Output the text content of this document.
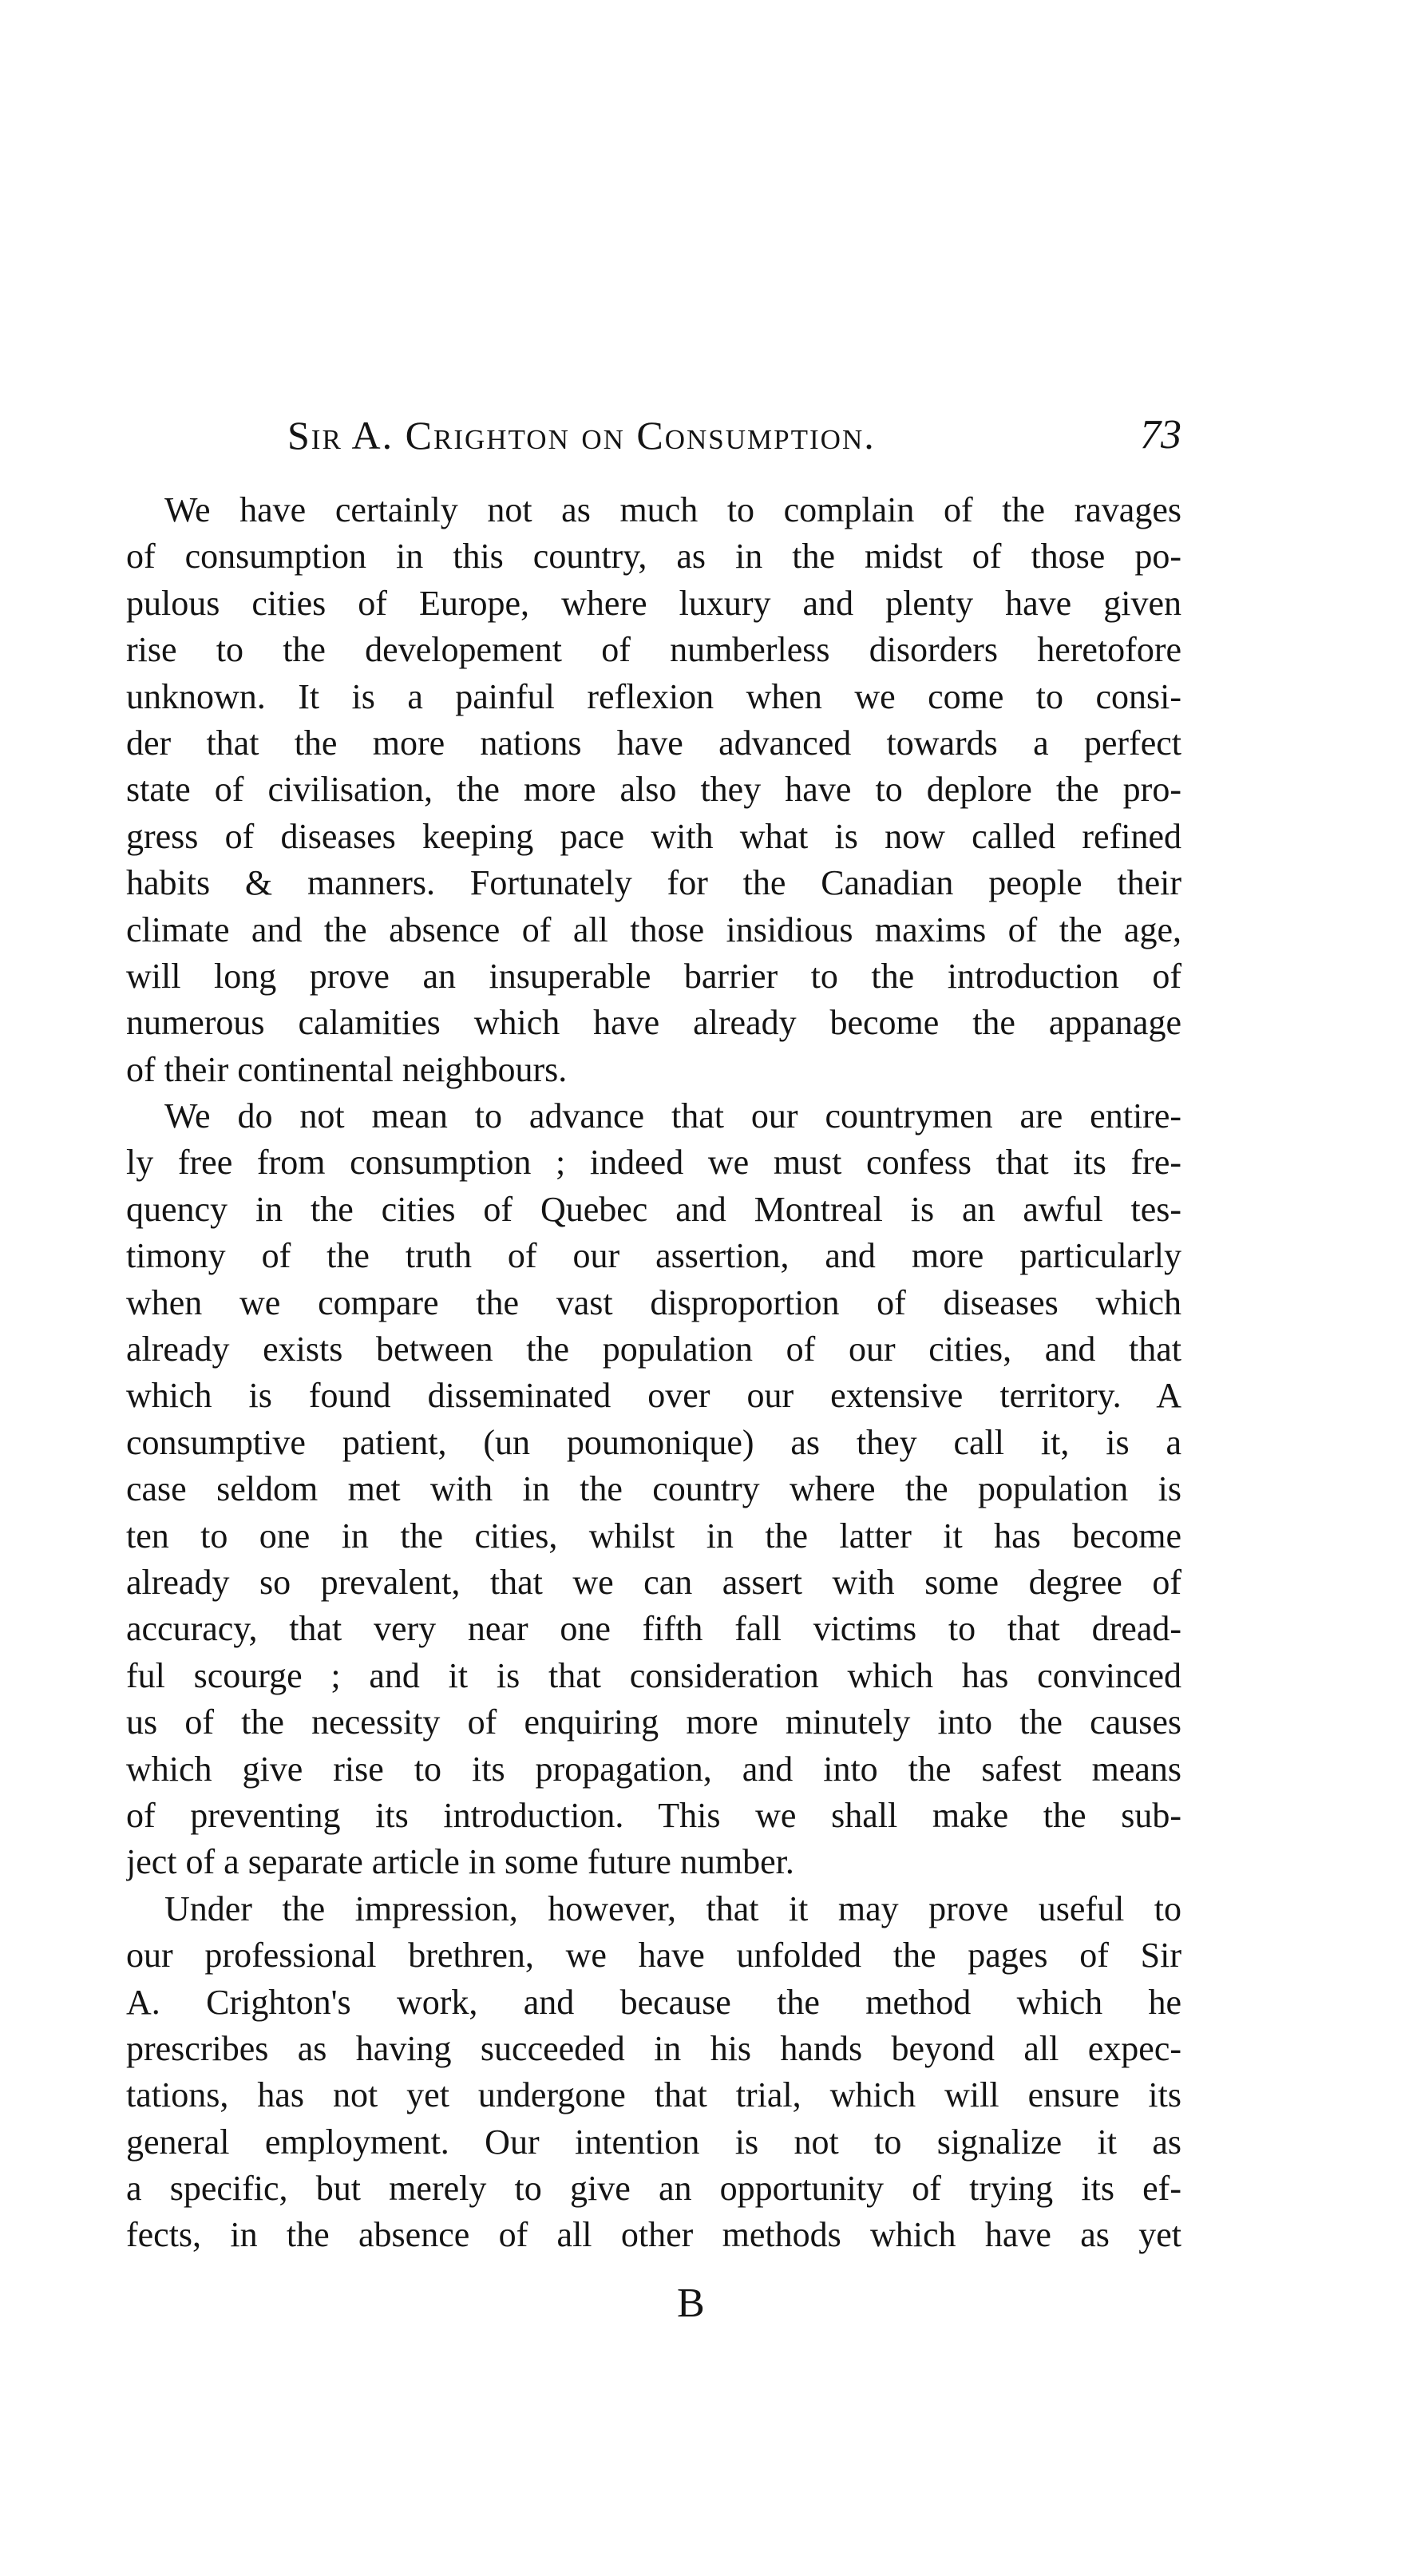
Sir A. Crighton on Consumption.	73

We have certainly not as much to complain of the ravages
of consumption in this country, as in the midst of those po-
pulous cities of Europe, where luxury and plenty have given
rise to the developement of numberless disorders heretofore
unknown. It is a painful reflexion when we come to consi-
der that the more nations have advanced towards a perfect
state of civilisation, the more also they have to deplore the pro-
gress of diseases keeping pace with what is now called refined
habits & manners. Fortunately for the Canadian people their
climate and the absence of all those insidious maxims of the age,
will long prove an insuperable barrier to the introduction of
numerous calamities which have already become the appanage
of their continental neighbours.

We do not mean to advance that our countrymen are entire-
ly free from consumption ; indeed we must confess that its fre-
quency in the cities of Quebec and Montreal is an awful tes-
timony of the truth of our assertion, and more particularly
when we compare the vast disproportion of diseases which
already exists between the population of our cities, and that
which is found disseminated over our extensive territory. A
consumptive patient, (un poumonique) as they call it, is a
case seldom met with in the country where the population is
ten to one in the cities, whilst in the latter it has become
already so prevalent, that we can assert with some degree of
accuracy, that very near one fifth fall victims to that dread-
ful scourge ; and it is that consideration which has convinced
us of the necessity of enquiring more minutely into the causes
which give rise to its propagation, and into the safest means
of preventing its introduction. This we shall make the sub-
ject of a separate article in some future number.

Under the impression, however, that it may prove useful to
our professional brethren, we have unfolded the pages of Sir
A. Crighton's work, and because the method which he
prescribes as having succeeded in his hands beyond all expec-
tations, has not yet undergone that trial, which will ensure its
general employment. Our intention is not to signalize it as
a specific, but merely to give an opportunity of trying its ef-
fects, in the absence of all other methods which have as yet

B
